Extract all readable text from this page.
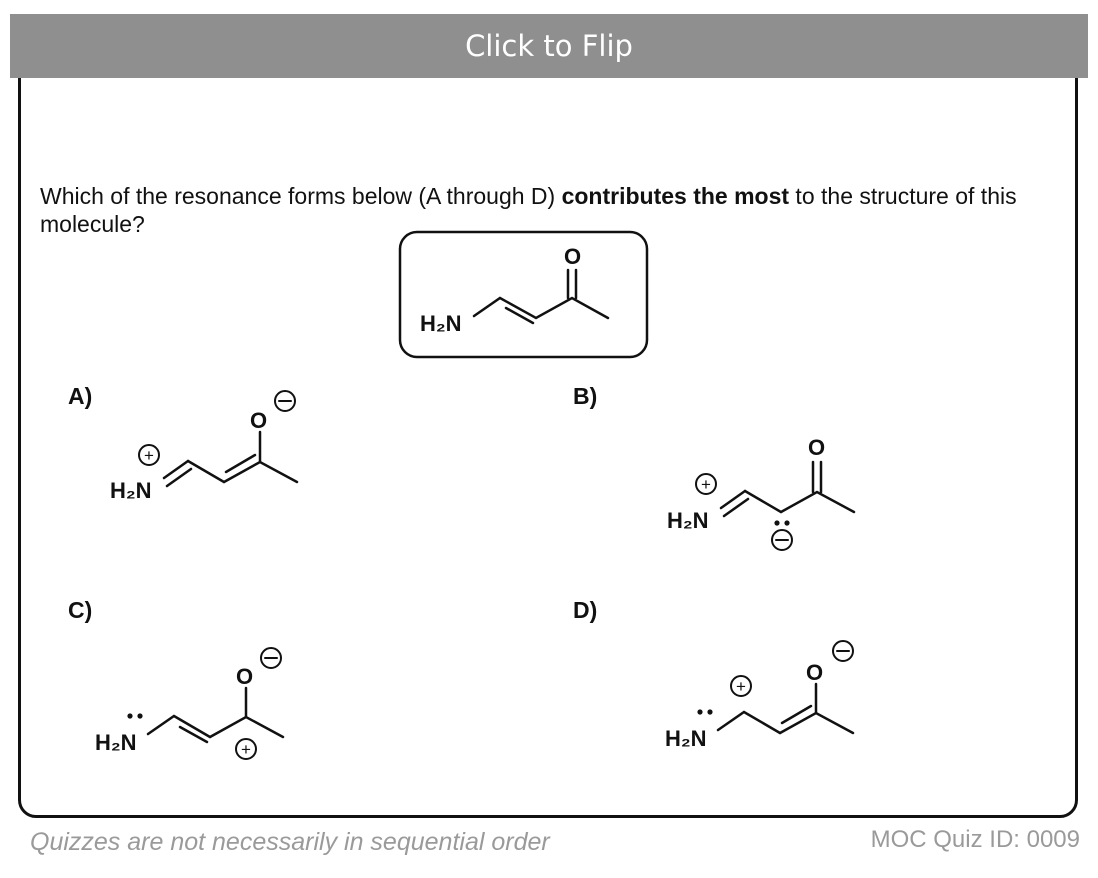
Click to Flip
Which of the resonance forms below (A through D) contributes the most to the structure of this molecule?
H₂N
O
A)
+
H₂N
O
B)
+
H₂N
O
C)
H₂N
O
+
D)
H₂N
+
O
Quizzes are not necessarily in sequential order	MOC Quiz ID: 0009
